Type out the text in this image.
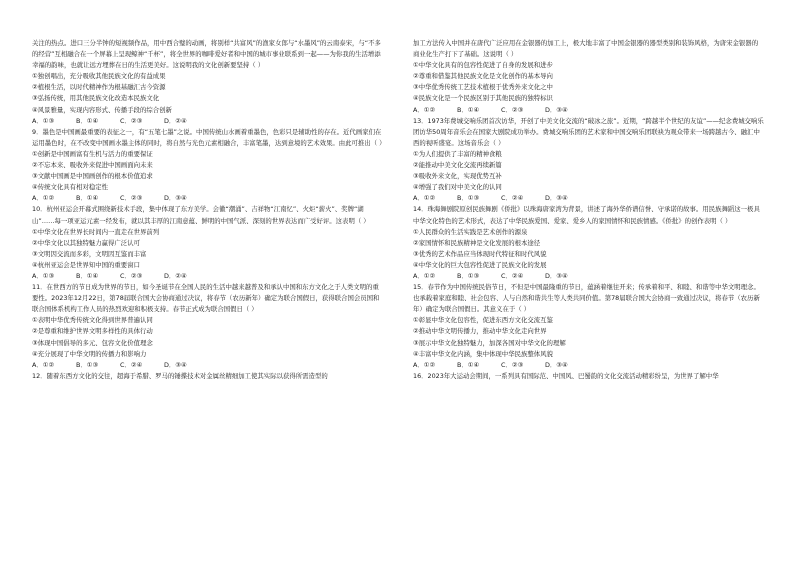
关注的热点。进口三分半钟的短视频作品，用中西合璧的动画，将别样“共富风”的渔家女郎与“水墨风”的云南泰宋，与“不多的经营”互相融合在一个屏幕上呈现鲸神“千杯”，将全世界的咖啡爱好者和中国的城市事业联系到一起——为你我的生活增添幸福的韵味，也就让远方埋葬在日的生活更美好。这说明我的文化创新要坚持（ ）

①独创唱出，充分吸收其他民族文化的有益成果

②植根生活，以时代精神作为根基融汇古今资源

③弘扬传统，用其他民族文化改造本民族文化

④风景雅量，实现内容形式、传播手段的综合创新

A．①③	B．①④	C．②③	D．②④

9．墨色是中国画最重要的表征之一，有“五笔七墨”之说。中国传统山水画着重墨色，色彩只是辅助性的存在。近代画家们在运用墨色时，在不改变中国画水墨主体的同时，将自然与光色元素相融合，丰富笔墨，达到意境的艺术效果。由此可推出（ ）

①创新是中国画富有生机与活力的重要保证

②不忘本来、吸收外来促进中国画面向未来

③文献中国画是中国画创作的根本价值追求

④传统文化具有相对稳定性

A．①②	B．①④	C．②③	D．③④

10．杭州亚运会开幕式围绕新技术手段，集中体现了东方美学。会徽“潮涌”、吉祥物“江南忆”、火炬“薪火”、奖牌“湖山”……每一项亚运元素一经发布，就以其丰厚的江南意蕴、鲜明的中国气派、深刻的世界表达而广受好评。这表明（ ）

①中华文化在世界长时间内一直走在世界前列

②中华文化以其独特魅力赢得广泛认可

③文明因交流而多彩，文明因互鉴而丰富

④杭州亚运会是世界知中国的重要窗口

A．①③	B．①④	C．②③	D．②④

11．在世西方的节日成为世界的节日，如今圣诞节在全国人民的生活中越来越普及和承认中国和东方文化之于人类文明的重要性。2023年12月22日，第78届联合国大会协商通过决议，将春节（农历新年）确定为联合国假日，获得联合国会员国和联合国体系机构工作人员的热烈欢迎和积极支持。春节正式成为联合国假日（ ）

①表明中华优秀传统文化得到世界普遍认同

②是尊重和维护世界文明多样性的具体行动

③体现中国倡导的多元、包容文化价值理念

④充分展现了中华文明的传播力和影响力

A．①②	B．①③	C．②④	D．③④

12．随着东西方文化的交往，超海于希腊、罗马的锤揲技术对金属丝精细加工使其实际以获得所需造型的

加工方法传入中国并在唐代广泛应用在金银器的加工上，极大地丰富了中国金银器的器型类别和装饰风格，为唐宋金银器的商业化生产打下了基础。这说明（ ）

①中华文化具有的包容性促进了自身的发展和进步

②尊重和借鉴其他民族文化是文化创作的基本导向

③中华优秀传统工艺技术植根于优秀外来文化之中

④民族文化是一个民族区别于其他民族的独特标识

A．①②	B．①④	C．②③	D．③④

13．1973年费城交响乐团首次访华，开创了中美文化交流的“破冰之旅”。近期，“跨越半个世纪的友谊”——纪念费城交响乐团访华50周年音乐会在国家大剧院成功举办。费城交响乐团的艺术家和中国交响乐团联袂为观众带来一场跨越古今、融汇中西的视听盛宴。这场音乐会（ ）

①为人们提供了丰富的精神食粮

②能推动中美文化交流再续新篇

③吸收外来文化，实现优势互补

④增强了我们对中美文化的认同

A．①②	B．①③	C．②④	D．③④

14．珠海舞剧院原创民族舞剧《侨批》以珠海唐家湾为背景，讲述了海外华侨谱信誉、守承诺的故事。用民族舞蹈这一极具中华文化特色的艺术形式，表达了中华民族爱国、爱家、爱乡人的家国情怀和民族情感。《侨批》的创作表明（ ）

①人民群众的生活实践是艺术创作的源泉

②家国情怀和民族精神是文化发展的根本途径

③优秀的艺术作品应当体现时代特征和时代风貌

④中华文化的巨大包容性促进了民族文化的发展

A．①②	B．①③	C．②④	D．③④

15．春节作为中国传统民俗节日，不但是中国最隆重的节日，蕴涵着继往开来；传承着和平、和睦、和谐等中华文明理念。也承载着家庭和睦、社会包容、人与自然和谐共生等人类共同价值。第78届联合国大会协商一致通过决议，将春节（农历新年）确定为联合国假日。其意义在于（ ）

①彰显中华文化包容性，促进东西方文化交流互鉴

②推动中华文明传播力，推动中华文化走向世界

③展示中华文化独特魅力，加深各国对中华文化的理解

④丰富中华文化内涵，集中体现中华民族整体风貌

A．①②	B．①④	C．②③	D．③④

16．2023年大运动会期间，一系列具有国际范、中国风、巴蜀韵的文化交流活动精彩纷呈，为世界了解中华
